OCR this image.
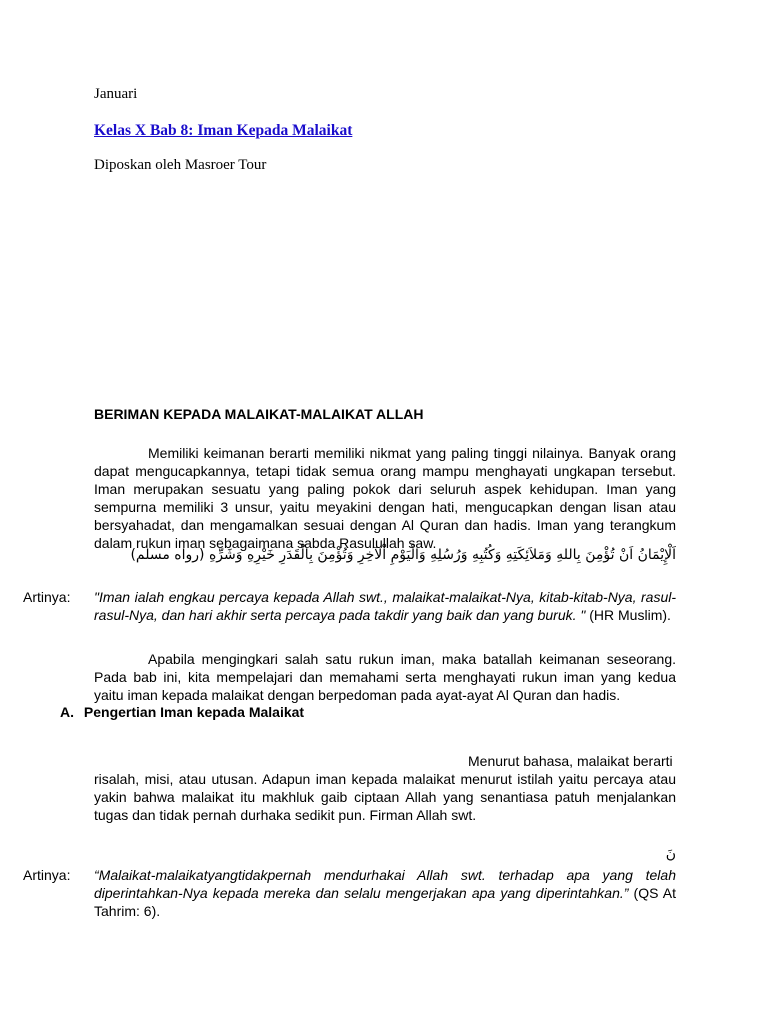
Januari
Kelas X Bab 8: Iman Kepada Malaikat
Diposkan oleh Masroer Tour
BERIMAN KEPADA MALAIKAT-MALAIKAT ALLAH
Memiliki keimanan berarti memiliki nikmat yang paling tinggi nilainya. Banyak orang dapat mengucapkannya, tetapi tidak semua orang mampu menghayati ungkapan tersebut. Iman merupakan sesuatu yang paling pokok dari seluruh aspek kehidupan. Iman yang sempurna memiliki 3 unsur, yaitu meyakini dengan hati, mengucapkan dengan lisan atau bersyahadat, dan mengamalkan sesuai dengan Al Quran dan hadis. Iman yang terangkum dalam rukun iman sebagaimana sabda Rasulullah saw.
اَلْإِيْمَانُ اَنْ تُؤْمِنَ بِاللهِ وَمَلاَئِكَتِهِ وَكُتُبِهِ وَرُسُلِهِ وَالْيَوْمِ اْلآخِرِ وَتُؤْمِنَ بِالْقَدَرِ خَيْرِهِ وَشَرِّهِ (رواه مسلم)
Artinya: "Iman ialah engkau percaya kepada Allah swt., malaikat-malaikat-Nya, kitab-kitab-Nya, rasul-rasul-Nya, dan hari akhir serta percaya pada takdir yang baik dan yang buruk. " (HR Muslim).
Apabila mengingkari salah satu rukun iman, maka batallah keimanan seseorang. Pada bab ini, kita mempelajari dan memahami serta menghayati rukun iman yang kedua yaitu iman kepada malaikat dengan berpedoman pada ayat-ayat Al Quran dan hadis.
A. Pengertian Iman kepada Malaikat
Menurut bahasa, malaikat berarti
risalah, misi, atau utusan. Adapun iman kepada malaikat menurut istilah yaitu percaya atau yakin bahwa malaikat itu makhluk gaib ciptaan Allah yang senantiasa patuh menjalankan tugas dan tidak pernah durhaka sedikit pun. Firman Allah swt.
نَ
Artinya: “Malaikat-malaikatyangtidakpernah mendurhakai Allah swt. terhadap apa yang telah diperintahkan-Nya kepada mereka dan selalu mengerjakan apa yang diperintahkan.” (QS At Tahrim: 6).
